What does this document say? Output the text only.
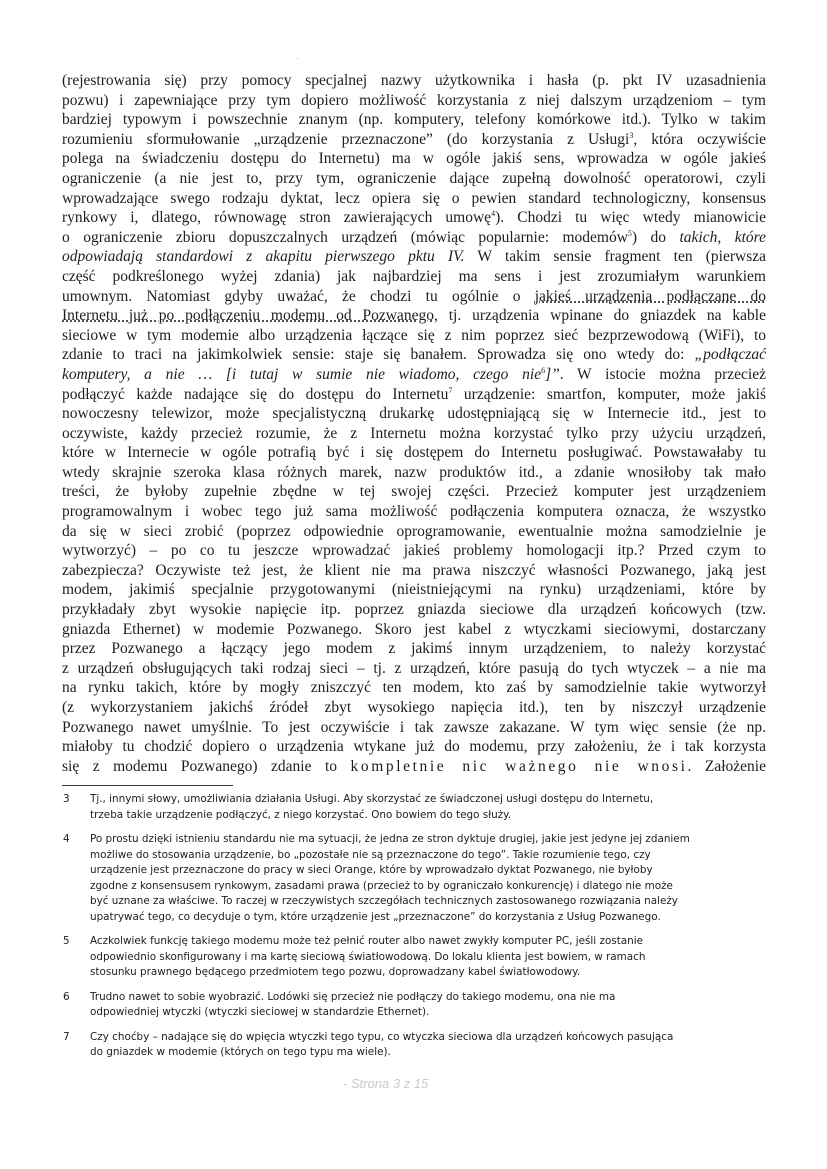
-
(rejestrowania się) przy pomocy specjalnej nazwy użytkownika i hasła (p. pkt IV uzasadnienia
pozwu) i zapewniające przy tym dopiero możliwość korzystania z niej dalszym urządzeniom – tym
bardziej typowym i powszechnie znanym (np. komputery, telefony komórkowe itd.). Tylko w takim
rozumieniu sformułowanie „urządzenie przeznaczone” (do korzystania z Usługi$^3$, która oczywiście
polega na świadczeniu dostępu do Internetu) ma w ogóle jakiś sens, wprowadza w ogóle jakieś
ograniczenie (a nie jest to, przy tym, ograniczenie dające zupełną dowolność operatorowi, czyli
wprowadzające swego rodzaju dyktat, lecz opiera się o pewien standard technologiczny, konsensus
rynkowy i, dlatego, równowagę stron zawierających umowę$^4$). Chodzi tu więc wtedy mianowicie
o ograniczenie zbioru dopuszczalnych urządzeń (mówiąc popularnie: modemów$^5$) do takich, które
odpowiadają standardowi z akapitu pierwszego pktu IV. W takim sensie fragment ten (pierwsza
część podkreślonego wyżej zdania) jak najbardziej ma sens i jest zrozumiałym warunkiem
umownym. Natomiast gdyby uważać, że chodzi tu ogólnie o jakieś urządzenia podłączane do
Internetu już po podłączeniu modemu od Pozwanego, tj. urządzenia wpinane do gniazdek na kable
sieciowe w tym modemie albo urządzenia łączące się z nim poprzez sieć bezprzewodową (WiFi), to
zdanie to traci na jakimkolwiek sensie: staje się banałem. Sprowadza się ono wtedy do: „podłączać
komputery, a nie … [i tutaj w sumie nie wiadomo, czego nie$^6$]”. W istocie można przecież
podłączyć każde nadające się do dostępu do Internetu$^7$ urządzenie: smartfon, komputer, może jakiś
nowoczesny telewizor, może specjalistyczną drukarkę udostępniającą się w Internecie itd., jest to
oczywiste, każdy przecież rozumie, że z Internetu można korzystać tylko przy użyciu urządzeń,
które w Internecie w ogóle potrafią być i się dostępem do Internetu posługiwać. Powstawałaby tu
wtedy skrajnie szeroka klasa różnych marek, nazw produktów itd., a zdanie wnosiłoby tak mało
treści, że byłoby zupełnie zbędne w tej swojej części. Przecież komputer jest urządzeniem
programowalnym i wobec tego już sama możliwość podłączenia komputera oznacza, że wszystko
da się w sieci zrobić (poprzez odpowiednie oprogramowanie, ewentualnie można samodzielnie je
wytworzyć) – po co tu jeszcze wprowadzać jakieś problemy homologacji itp.? Przed czym to
zabezpiecza? Oczywiste też jest, że klient nie ma prawa niszczyć własności Pozwanego, jaką jest
modem, jakimiś specjalnie przygotowanymi (nieistniejącymi na rynku) urządzeniami, które by
przykładały zbyt wysokie napięcie itp. poprzez gniazda sieciowe dla urządzeń końcowych (tzw.
gniazda Ethernet) w modemie Pozwanego. Skoro jest kabel z wtyczkami sieciowymi, dostarczany
przez Pozwanego a łączący jego modem z jakimś innym urządzeniem, to należy korzystać
z urządzeń obsługujących taki rodzaj sieci – tj. z urządzeń, które pasują do tych wtyczek – a nie ma
na rynku takich, które by mogły zniszczyć ten modem, kto zaś by samodzielnie takie wytworzył
(z wykorzystaniem jakichś źródeł zbyt wysokiego napięcia itd.), ten by niszczył urządzenie
Pozwanego nawet umyślnie. To jest oczywiście i tak zawsze zakazane. W tym więc sensie (że np.
miałoby tu chodzić dopiero o urządzenia wtykane już do modemu, przy założeniu, że i tak korzysta
się z modemu Pozwanego) zdanie to kompletnie nic ważnego nie wnosi. Założenie
3 Tj., innymi słowy, umożliwiania działania Usługi. Aby skorzystać ze świadczonej usługi dostępu do Internetu,
trzeba takie urządzenie podłączyć, z niego korzystać. Ono bowiem do tego służy.
4 Po prostu dzięki istnieniu standardu nie ma sytuacji, że jedna ze stron dyktuje drugiej, jakie jest jedyne jej zdaniem
możliwe do stosowania urządzenie, bo „pozostałe nie są przeznaczone do tego”. Takie rozumienie tego, czy
urządzenie jest przeznaczone do pracy w sieci Orange, które by wprowadzało dyktat Pozwanego, nie byłoby
zgodne z konsensusem rynkowym, zasadami prawa (przecież to by ograniczało konkurencję) i dlatego nie może
być uznane za właściwe. To raczej w rzeczywistych szczegółach technicznych zastosowanego rozwiązania należy
upatrywać tego, co decyduje o tym, które urządzenie jest „przeznaczone” do korzystania z Usług Pozwanego.
5 Aczkolwiek funkcję takiego modemu może też pełnić router albo nawet zwykły komputer PC, jeśli zostanie
odpowiednio skonfigurowany i ma kartę sieciową światłowodową. Do lokalu klienta jest bowiem, w ramach
stosunku prawnego będącego przedmiotem tego pozwu, doprowadzany kabel światłowodowy.
6 Trudno nawet to sobie wyobrazić. Lodówki się przecież nie podłączy do takiego modemu, ona nie ma
odpowiedniej wtyczki (wtyczki sieciowej w standardzie Ethernet).
7 Czy choćby – nadające się do wpięcia wtyczki tego typu, co wtyczka sieciowa dla urządzeń końcowych pasująca
do gniazdek w modemie (których on tego typu ma wiele).
- Strona 3 z 15
